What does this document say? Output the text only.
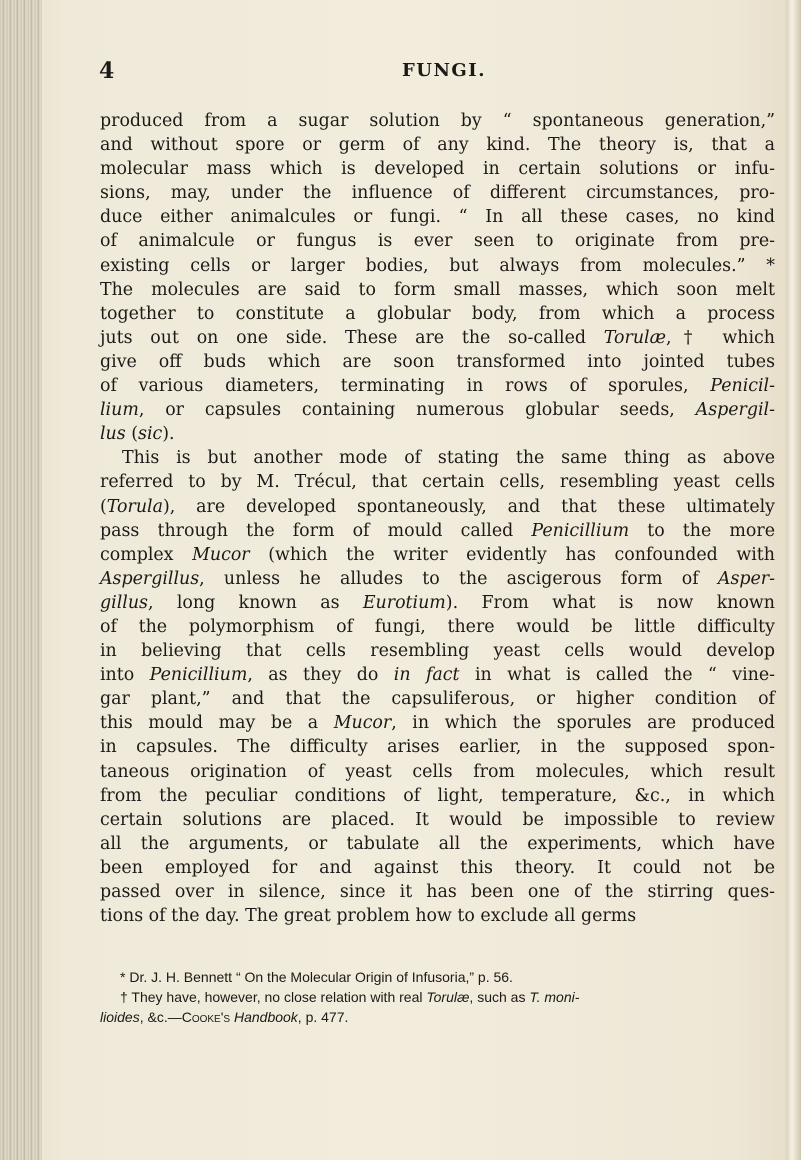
4	FUNGI.
produced from a sugar solution by “ spontaneous generation,”
and without spore or germ of any kind. The theory is, that a
molecular mass which is developed in certain solutions or infu-
sions, may, under the influence of different circumstances, pro-
duce either animalcules or fungi. “ In all these cases, no kind
of animalcule or fungus is ever seen to originate from pre-
existing cells or larger bodies, but always from molecules.” *
The molecules are said to form small masses, which soon melt
together to constitute a globular body, from which a process
juts out on one side. These are the so-called Torulæ,† which
give off buds which are soon transformed into jointed tubes
of various diameters, terminating in rows of sporules, Penicil-
lium, or capsules containing numerous globular seeds, Aspergil-
lus (sic).
This is but another mode of stating the same thing as above
referred to by M. Trécul, that certain cells, resembling yeast cells
(Torula), are developed spontaneously, and that these ultimately
pass through the form of mould called Penicillium to the more
complex Mucor (which the writer evidently has confounded with
Aspergillus, unless he alludes to the ascigerous form of Asper-
gillus, long known as Eurotium). From what is now known
of the polymorphism of fungi, there would be little difficulty
in believing that cells resembling yeast cells would develop
into Penicillium, as they do in fact in what is called the “ vine-
gar plant,” and that the capsuliferous, or higher condition of
this mould may be a Mucor, in which the sporules are produced
in capsules. The difficulty arises earlier, in the supposed spon-
taneous origination of yeast cells from molecules, which result
from the peculiar conditions of light, temperature, &c., in which
certain solutions are placed. It would be impossible to review
all the arguments, or tabulate all the experiments, which have
been employed for and against this theory. It could not be
passed over in silence, since it has been one of the stirring ques-
tions of the day. The great problem how to exclude all germs
* Dr. J. H. Bennett “ On the Molecular Origin of Infusoria,” p. 56.
† They have, however, no close relation with real Torulæ, such as T. moni-
lioides, &c.—Cooke's Handbook, p. 477.
